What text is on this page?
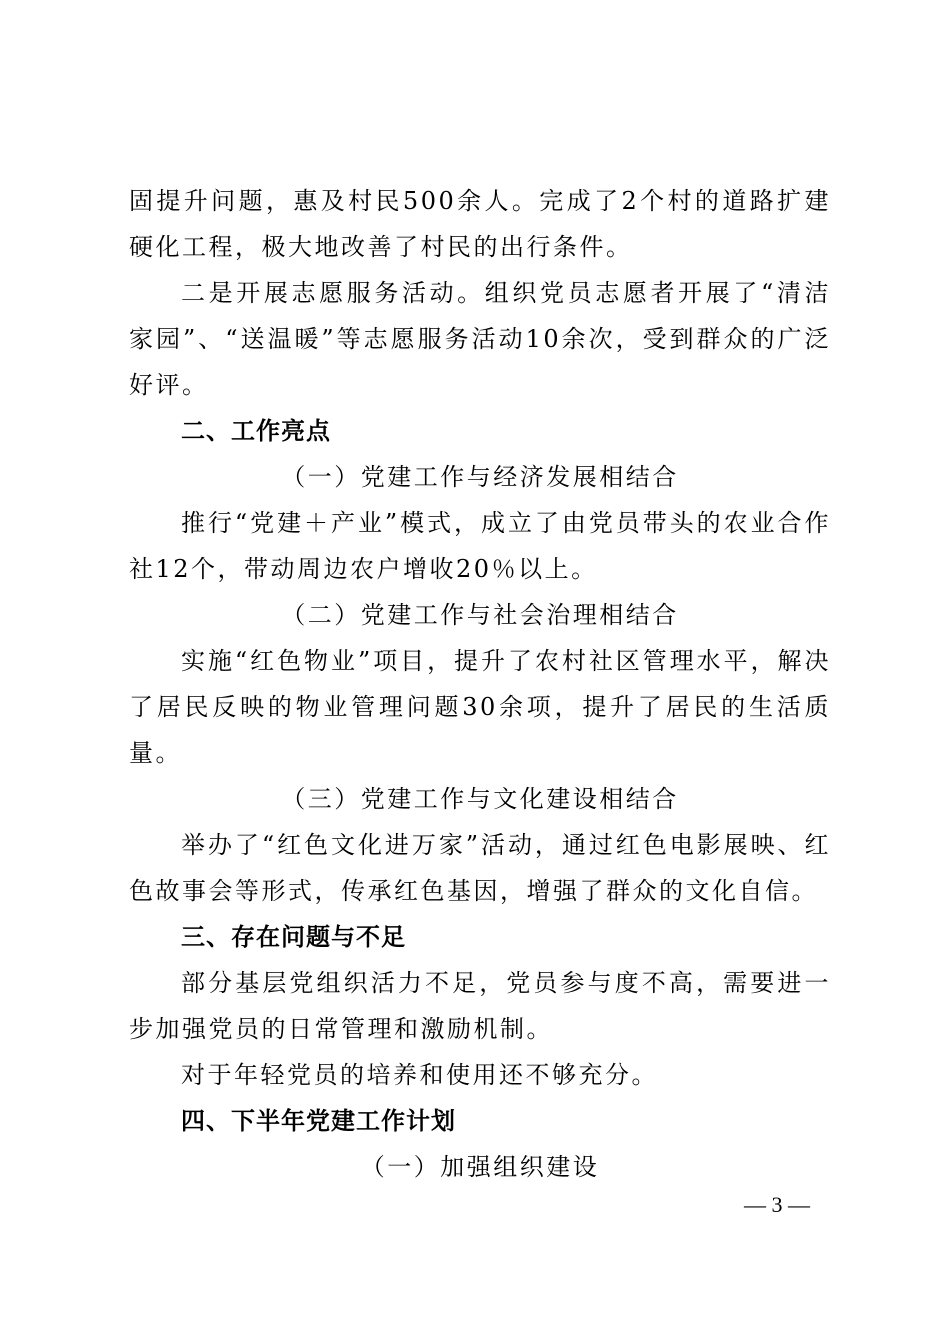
固提升问题，惠及村民500余人。完成了2个村的道路扩建硬化工程，极大地改善了村民的出行条件。

二是开展志愿服务活动。组织党员志愿者开展了“清洁家园”、“送温暖”等志愿服务活动10余次，受到群众的广泛好评。

二、工作亮点

（一）党建工作与经济发展相结合

推行“党建＋产业”模式，成立了由党员带头的农业合作社12个，带动周边农户增收20％以上。

（二）党建工作与社会治理相结合

实施“红色物业”项目，提升了农村社区管理水平，解决了居民反映的物业管理问题30余项，提升了居民的生活质量。

（三）党建工作与文化建设相结合

举办了“红色文化进万家”活动，通过红色电影展映、红色故事会等形式，传承红色基因，增强了群众的文化自信。

三、存在问题与不足

部分基层党组织活力不足，党员参与度不高，需要进一步加强党员的日常管理和激励机制。

对于年轻党员的培养和使用还不够充分。

四、下半年党建工作计划

（一）加强组织建设

— 3 —
